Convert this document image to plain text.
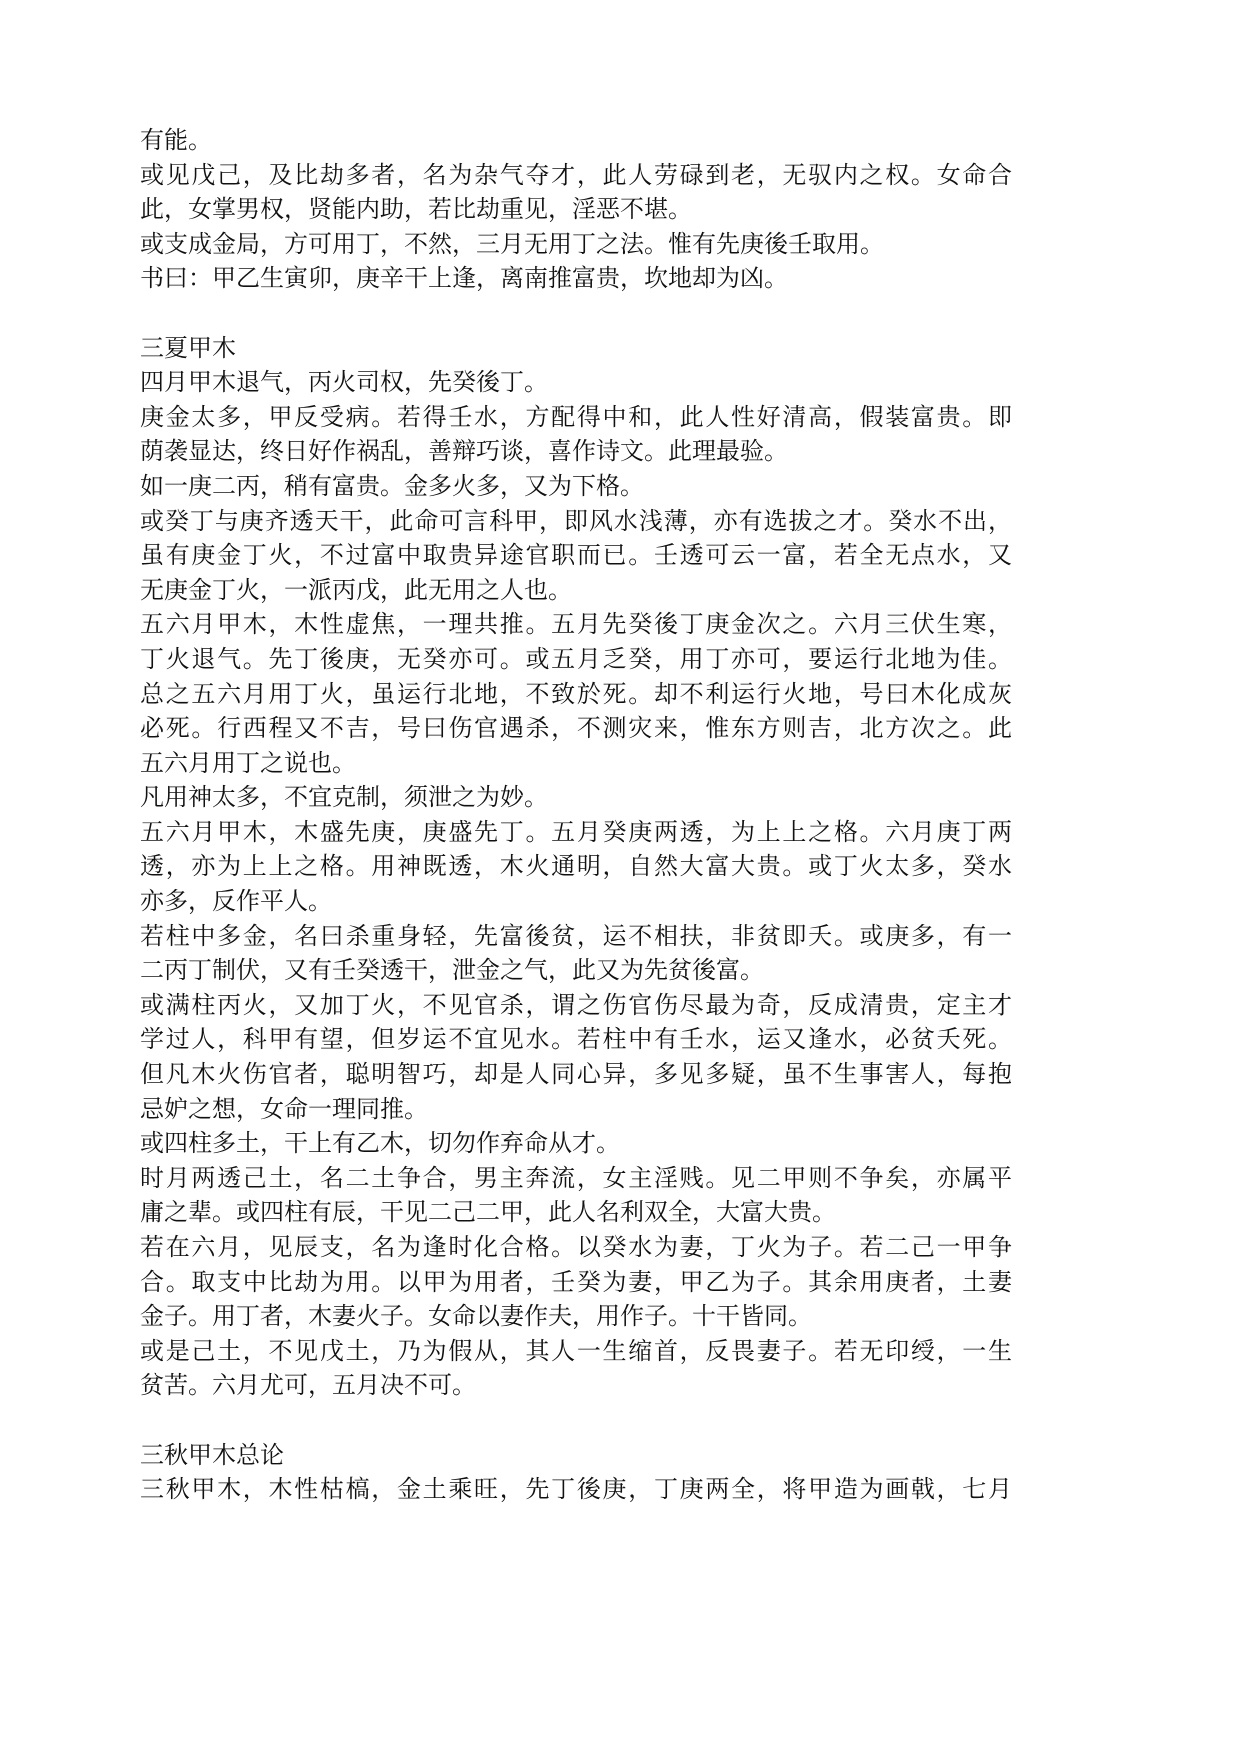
有能。
或见戊己，及比劫多者，名为杂气夺才，此人劳碌到老，无驭内之权。女命合
此，女掌男权，贤能内助，若比劫重见，淫恶不堪。
或支成金局，方可用丁，不然，三月无用丁之法。惟有先庚後壬取用。
书曰：甲乙生寅卯，庚辛干上逢，离南推富贵，坎地却为凶。
三夏甲木
四月甲木退气，丙火司权，先癸後丁。
庚金太多，甲反受病。若得壬水，方配得中和，此人性好清高，假装富贵。即
荫袭显达，终日好作祸乱，善辩巧谈，喜作诗文。此理最验。
如一庚二丙，稍有富贵。金多火多，又为下格。
或癸丁与庚齐透天干，此命可言科甲，即风水浅薄，亦有选拔之才。癸水不出，
虽有庚金丁火，不过富中取贵异途官职而已。壬透可云一富，若全无点水，又
无庚金丁火，一派丙戊，此无用之人也。
五六月甲木，木性虚焦，一理共推。五月先癸後丁庚金次之。六月三伏生寒，
丁火退气。先丁後庚，无癸亦可。或五月乏癸，用丁亦可，要运行北地为佳。
总之五六月用丁火，虽运行北地，不致於死。却不利运行火地，号曰木化成灰
必死。行西程又不吉，号曰伤官遇杀，不测灾来，惟东方则吉，北方次之。此
五六月用丁之说也。
凡用神太多，不宜克制，须泄之为妙。
五六月甲木，木盛先庚，庚盛先丁。五月癸庚两透，为上上之格。六月庚丁两
透，亦为上上之格。用神既透，木火通明，自然大富大贵。或丁火太多，癸水
亦多，反作平人。
若柱中多金，名曰杀重身轻，先富後贫，运不相扶，非贫即夭。或庚多，有一
二丙丁制伏，又有壬癸透干，泄金之气，此又为先贫後富。
或满柱丙火，又加丁火，不见官杀，谓之伤官伤尽最为奇，反成清贵，定主才
学过人，科甲有望，但岁运不宜见水。若柱中有壬水，运又逢水，必贫夭死。
但凡木火伤官者，聪明智巧，却是人同心异，多见多疑，虽不生事害人，每抱
忌妒之想，女命一理同推。
或四柱多土，干上有乙木，切勿作弃命从才。
时月两透己土，名二土争合，男主奔流，女主淫贱。见二甲则不争矣，亦属平
庸之辈。或四柱有辰，干见二己二甲，此人名利双全，大富大贵。
若在六月，见辰支，名为逢时化合格。以癸水为妻，丁火为子。若二己一甲争
合。取支中比劫为用。以甲为用者，壬癸为妻，甲乙为子。其余用庚者，土妻
金子。用丁者，木妻火子。女命以妻作夫，用作子。十干皆同。
或是己土，不见戊土，乃为假从，其人一生缩首，反畏妻子。若无印绶，一生
贫苦。六月尤可，五月决不可。
三秋甲木总论
三秋甲木，木性枯槁，金土乘旺，先丁後庚，丁庚两全，将甲造为画戟，七月
